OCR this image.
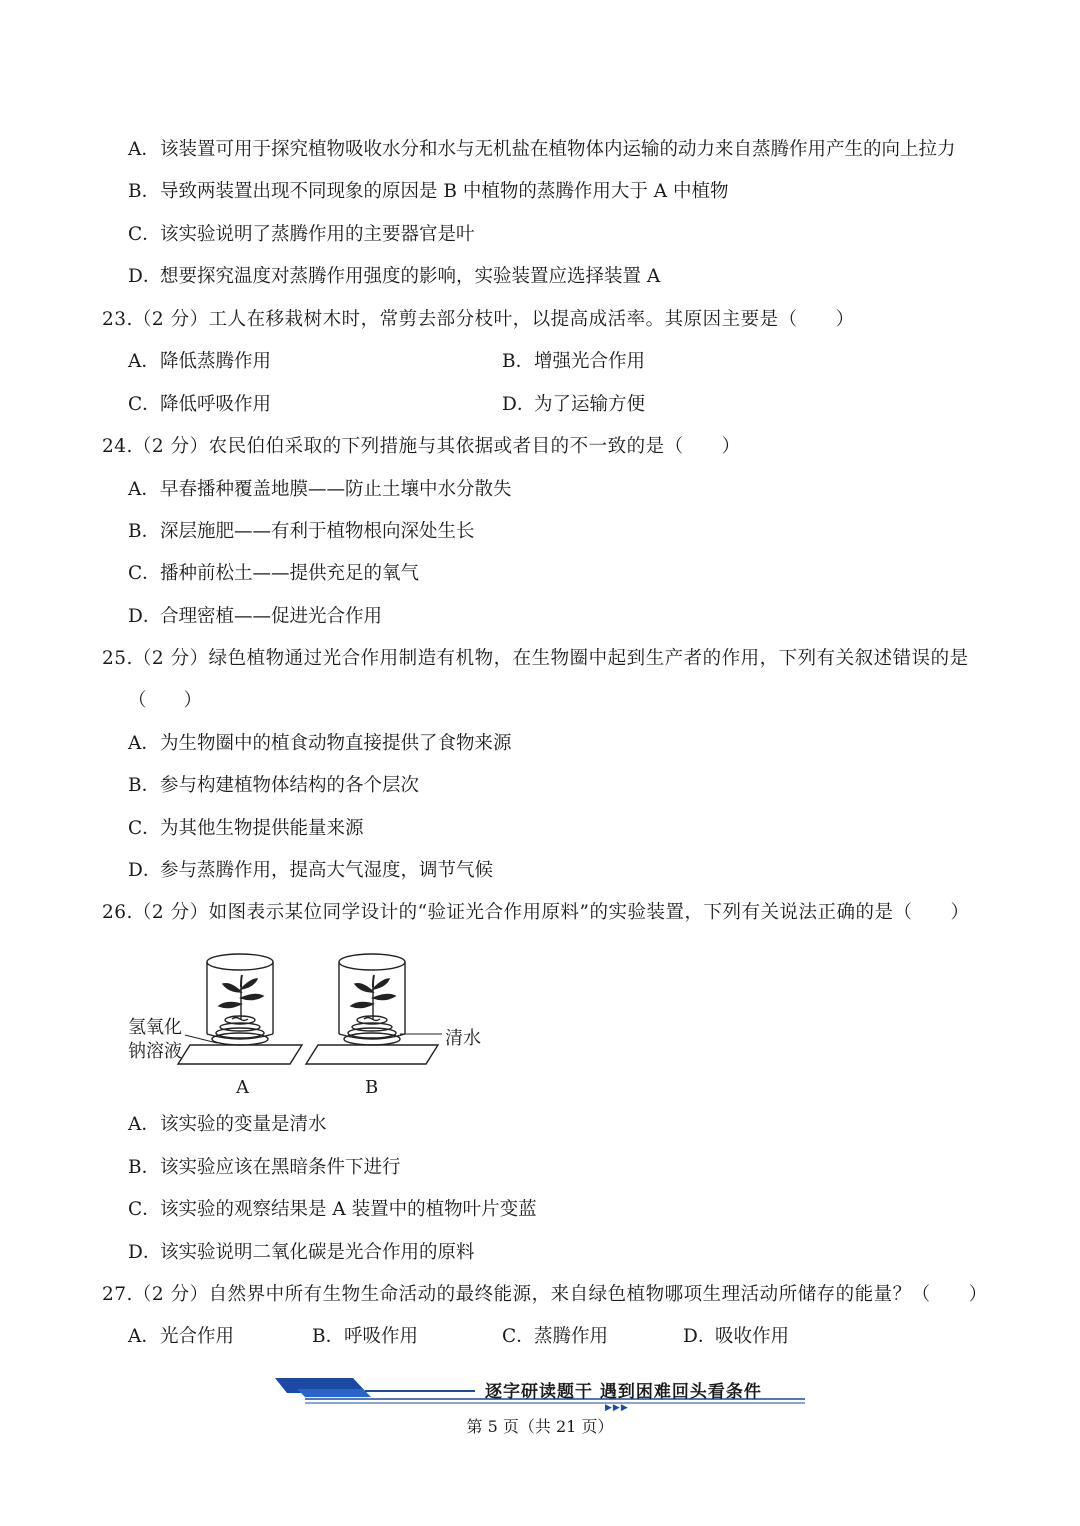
A．该装置可用于探究植物吸收水分和水与无机盐在植物体内运输的动力来自蒸腾作用产生的向上拉力
B．导致两装置出现不同现象的原因是 B 中植物的蒸腾作用大于 A 中植物
C．该实验说明了蒸腾作用的主要器官是叶
D．想要探究温度对蒸腾作用强度的影响，实验装置应选择装置 A
23.（2 分）工人在移栽树木时，常剪去部分枝叶，以提高成活率。其原因主要是（　　）
A．降低蒸腾作用	B．增强光合作用
C．降低呼吸作用	D．为了运输方便
24.（2 分）农民伯伯采取的下列措施与其依据或者目的不一致的是（　　）
A．早春播种覆盖地膜——防止土壤中水分散失
B．深层施肥——有利于植物根向深处生长
C．播种前松土——提供充足的氧气
D．合理密植——促进光合作用
25.（2 分）绿色植物通过光合作用制造有机物，在生物圈中起到生产者的作用，下列有关叙述错误的是
（　　）
A．为生物圈中的植食动物直接提供了食物来源
B．参与构建植物体结构的各个层次
C．为其他生物提供能量来源
D．参与蒸腾作用，提高大气湿度，调节气候
26.（2 分）如图表示某位同学设计的“验证光合作用原料”的实验装置，下列有关说法正确的是（　　）
氢氧化
钠溶液
清水
A	B
A．该实验的变量是清水
B．该实验应该在黑暗条件下进行
C．该实验的观察结果是 A 装置中的植物叶片变蓝
D．该实验说明二氧化碳是光合作用的原料
27.（2 分）自然界中所有生物生命活动的最终能源，来自绿色植物哪项生理活动所储存的能量？（　　）
A．光合作用	B．呼吸作用	C．蒸腾作用	D．吸收作用
逐字研读题干 遇到困难回头看条件
▶▶▶
第 5 页（共 21 页）
